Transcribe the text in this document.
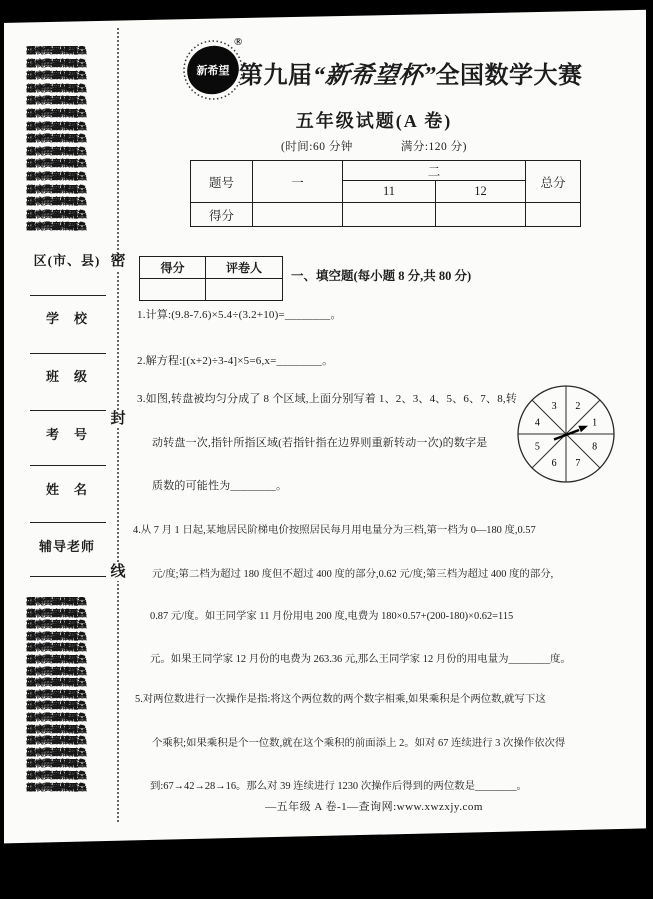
龘癵爨麤齉龗鱻
龘癵爨麤齉龗鱻
龘癵爨麤齉龗鱻
龘癵爨麤齉龗鱻
龘癵爨麤齉龗鱻
龘癵爨麤齉龗鱻
龘癵爨麤齉龗鱻
龘癵爨麤齉龗鱻
龘癵爨麤齉龗鱻
龘癵爨麤齉龗鱻
龘癵爨麤齉龗鱻
龘癵爨麤齉龗鱻
龘癵爨麤齉龗鱻
龘癵爨麤齉龗鱻
龘癵爨麤齉龗鱻
龘癵爨麤齉龗鱻
龘癵爨麤齉龗鱻
龘癵爨麤齉龗鱻
龘癵爨麤齉龗鱻
龘癵爨麤齉龗鱻
龘癵爨麤齉龗鱻
龘癵爨麤齉龗鱻
龘癵爨麤齉龗鱻
龘癵爨麤齉龗鱻
龘癵爨麤齉龗鱻
龘癵爨麤齉龗鱻
龘癵爨麤齉龗鱻
龘癵爨麤齉龗鱻
龘癵爨麤齉龗鱻
龘癵爨麤齉龗鱻
龘癵爨麤齉龗鱻
龘癵爨麤齉龗鱻
区(市、县)
学　校
班　级
考　号
姓　名
辅导老师
密
封
线
新希望
®
第九届“新希望杯”全国数学大赛
五年级试题(A 卷)
(时间:60 分钟　　　　满分:120 分)
题号	一	二		总分
		11	12	
得分				
得分	评卷人

一、填空题(每小题 8 分,共 80 分)
1.计算:(9.8-7.6)×5.4÷(3.2+10)=________。
2.解方程:[(x+2)÷3-4]×5=6,x=________。
3.如图,转盘被均匀分成了 8 个区域,上面分别写着 1、2、3、4、5、6、7、8,转
动转盘一次,指针所指区域(若指针指在边界则重新转动一次)的数字是
质数的可能性为________。
1
2
3
4
5
6 7
8
4.从 7 月 1 日起,某地居民阶梯电价按照居民每月用电量分为三档,第一档为 0—180 度,0.57
元/度;第二档为超过 180 度但不超过 400 度的部分,0.62 元/度;第三档为超过 400 度的部分,
0.87 元/度。如王同学家 11 月份用电 200 度,电费为 180×0.57+(200-180)×0.62=115
元。如果王同学家 12 月份的电费为 263.36 元,那么王同学家 12 月份的用电量为________度。
5.对两位数进行一次操作是指:将这个两位数的两个数字相乘,如果乘积是个两位数,就写下这
个乘积;如果乘积是个一位数,就在这个乘积的前面添上 2。如对 67 连续进行 3 次操作依次得
到:67→42→28→16。那么对 39 连续进行 1230 次操作后得到的两位数是________。
—五年级 A 卷-1—查询网:www.xwzxjy.com
